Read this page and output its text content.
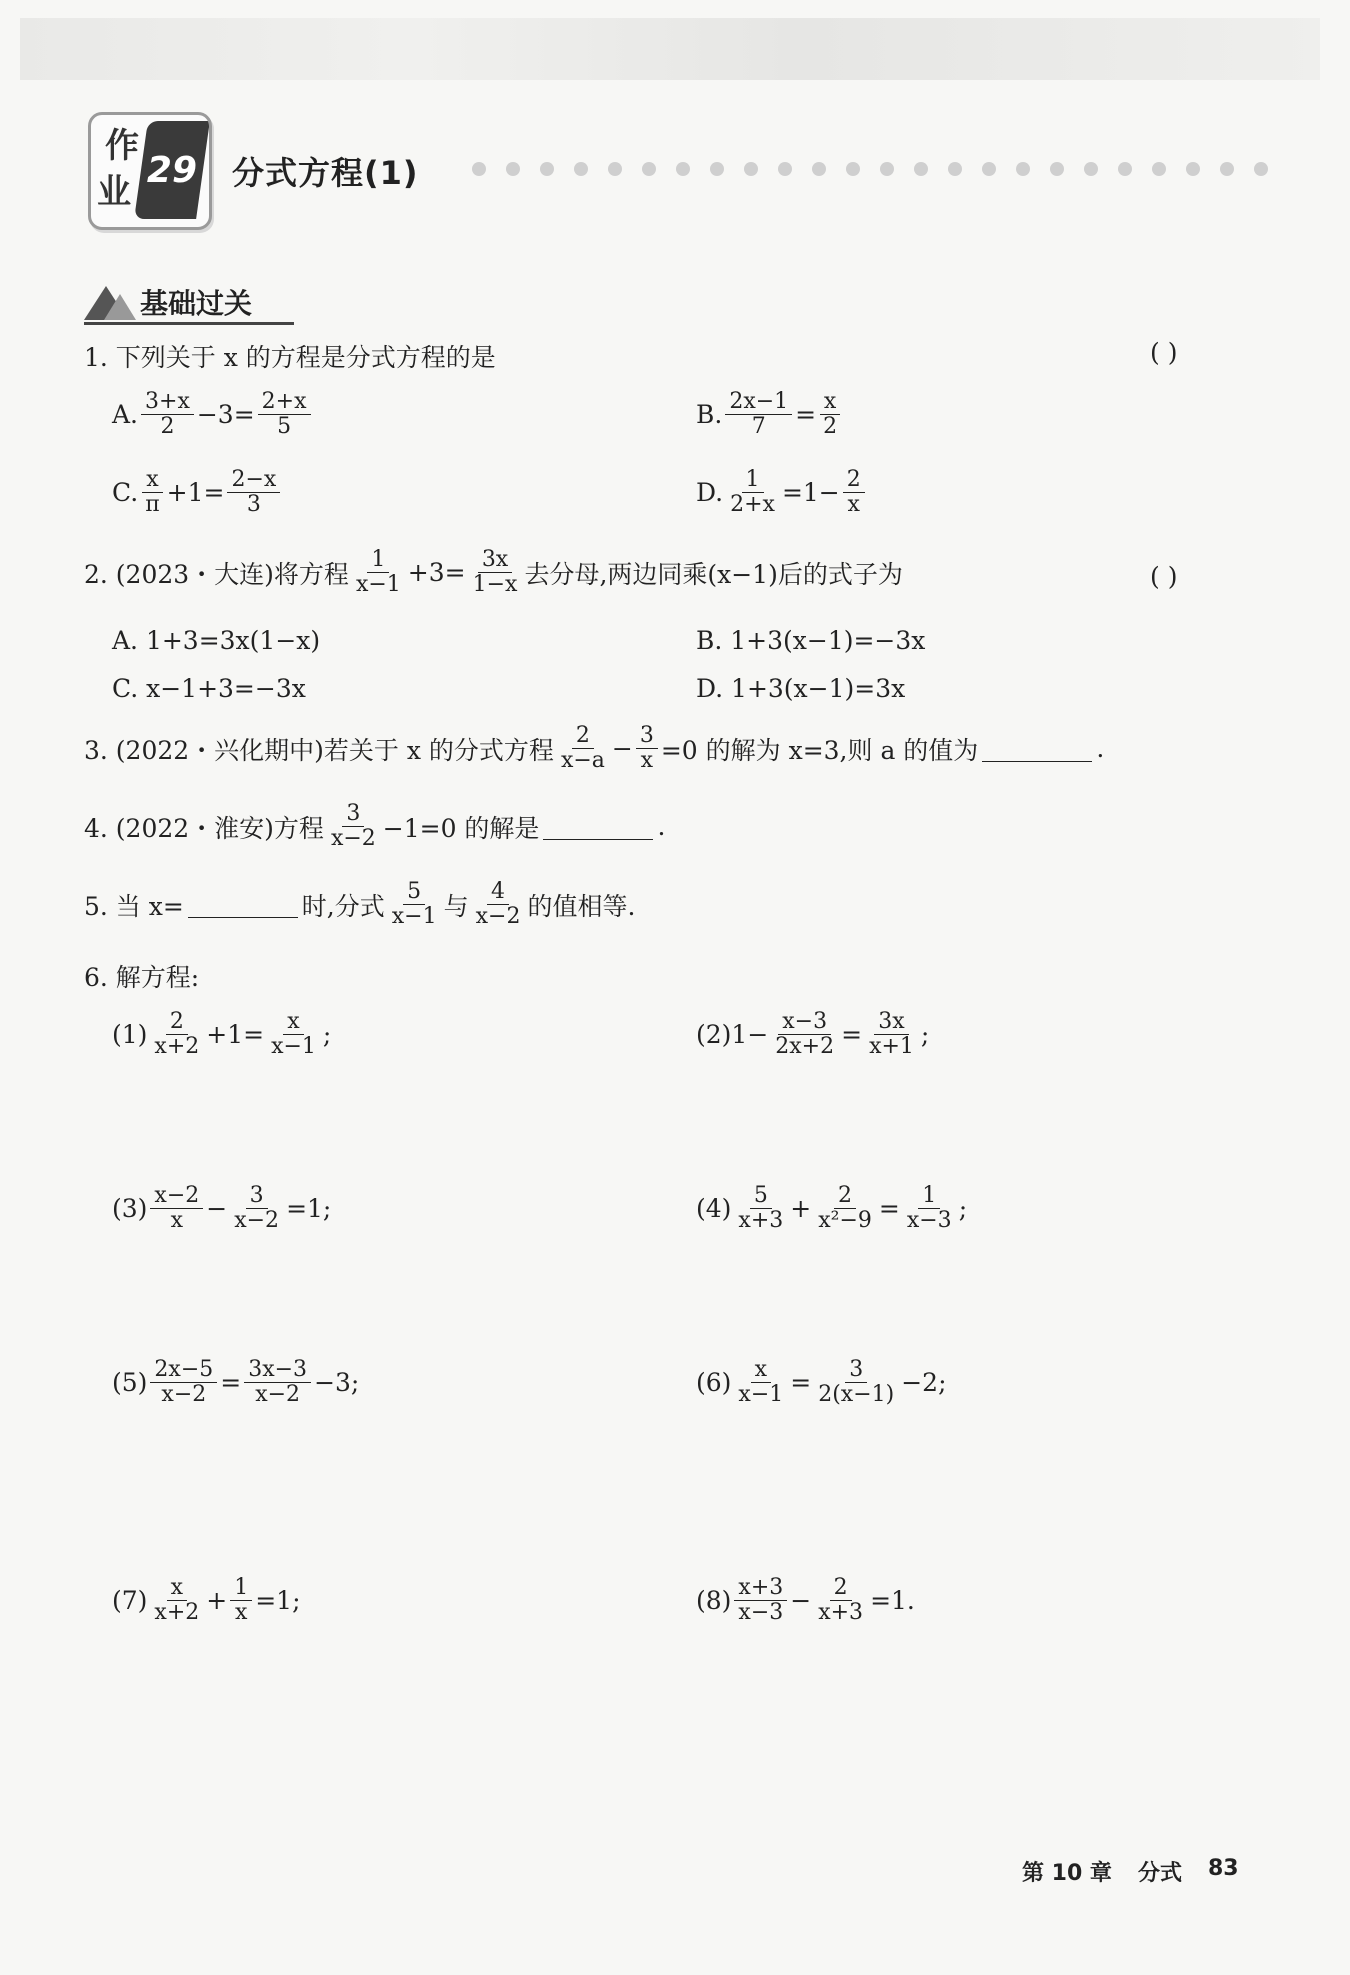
作
业
29 分式方程(1)
基础过关
1. 下列关于 x 的方程是分式方程的是	( )
A. $\frac{3+x}{2} -3= \frac{2+x}{5}$	B. $\frac{2x-1}{7} = \frac{x}{2}$
C. $\frac{x}{\pi} +1= \frac{2-x}{3}$	D. $\frac{1}{2+x} =1- \frac{2}{x}$
2. (2023・大连)将方程 $\frac{1}{x-1} +3= \frac{3x}{1-x}$ 去分母,两边同乘(x−1)后的式子为	( )
A. 1+3=3x(1−x)	B. 1+3(x−1)=−3x
C. x−1+3=−3x	D. 1+3(x−1)=3x
3. (2022・兴化期中)若关于 x 的分式方程 $\frac{2}{x-a} - \frac{3}{x} =0$ 的解为 x=3,则 a 的值为	.
4. (2022・淮安)方程 $\frac{3}{x-2} -1=0$ 的解是	.
5. 当 x=	时,分式 $\frac{5}{x-1}$ 与 $\frac{4}{x-2}$ 的值相等.
6. 解方程:
$(1) \frac{2}{x+2} +1= \frac{x}{x-1}$ ;	$(2)1- \frac{x-3}{2x+2} = \frac{3x}{x+1}$ ;
$(3) \frac{x-2}{x} - \frac{3}{x-2} =1$;	$(4) \frac{5}{x+3} + \frac{2}{\text{x²−9}} = \frac{1}{x-3}$ ;
$(5) \frac{2x-5}{x-2} = \frac{3x-3}{x-2} -3$;	$(6) \frac{x}{x-1} = \frac{3}{2(x-1)} -2$;
$(7) \frac{x}{x+2} + \frac{1}{x} =1$;	$(8) \frac{x+3}{x-3} - \frac{2}{x+3} =1$.
第 10 章 分式 83
